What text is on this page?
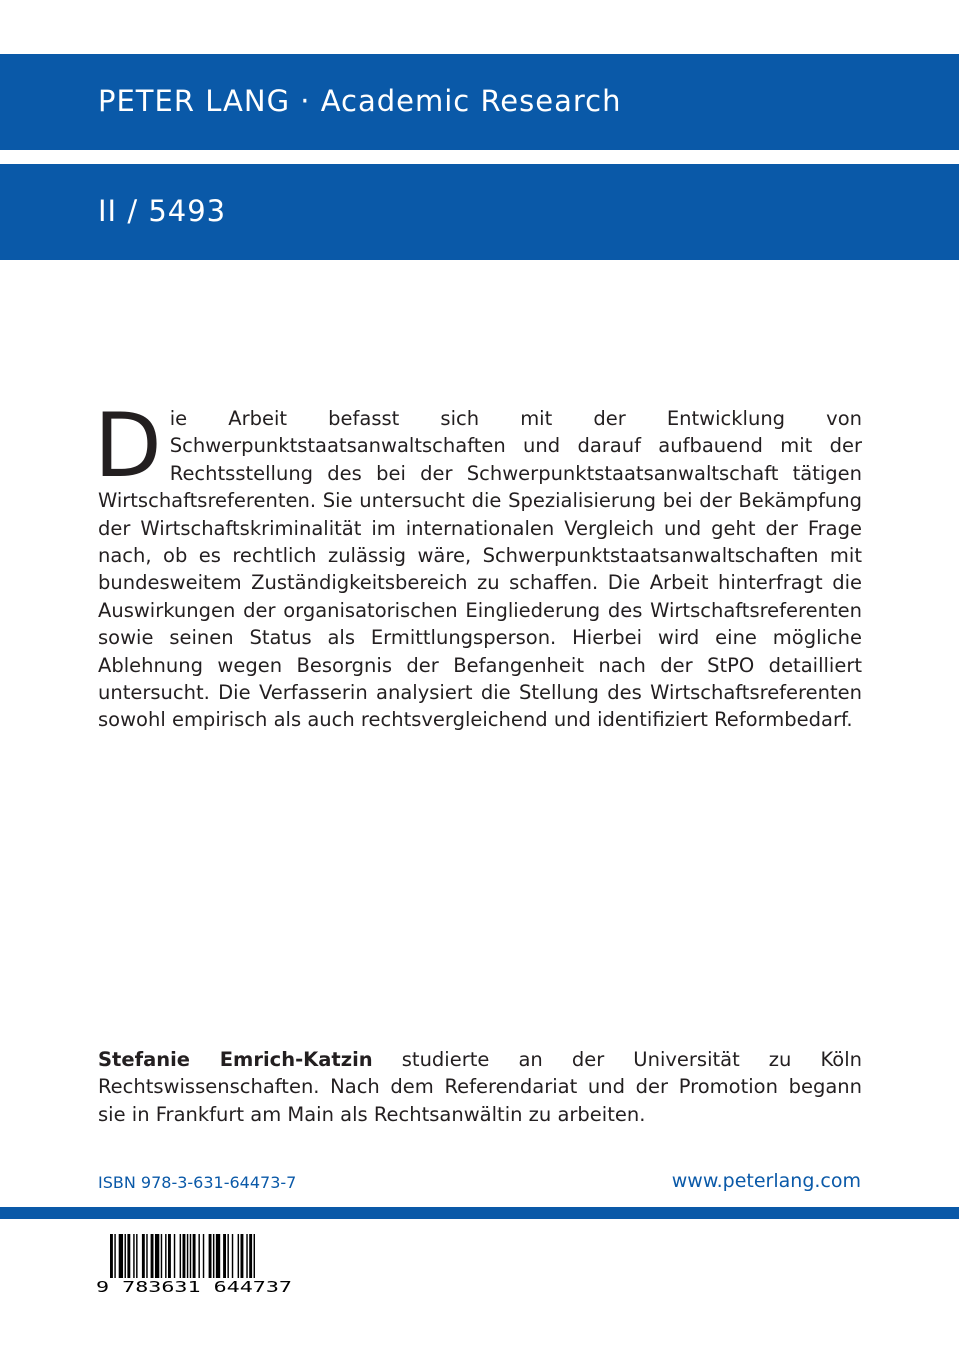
PETER LANG · Academic Research
II / 5493

Die Arbeit befasst sich mit der Entwicklung von Schwerpunktstaatsanwaltschaften und darauf aufbauend mit der Rechtsstellung des bei der Schwerpunktstaatsanwaltschaft tätigen Wirtschaftsreferenten. Sie untersucht die Spezialisierung bei der Bekämpfung der Wirtschaftskriminalität im internationalen Vergleich und geht der Frage nach, ob es rechtlich zulässig wäre, Schwerpunktstaatsanwaltschaften mit bundesweitem Zuständigkeitsbereich zu schaffen. Die Arbeit hinterfragt die Auswirkungen der organisatorischen Eingliederung des Wirtschaftsreferenten sowie seinen Status als Ermittlungsperson. Hierbei wird eine mögliche Ablehnung wegen Besorgnis der Befangenheit nach der StPO detailliert untersucht. Die Verfasserin analysiert die Stellung des Wirtschaftsreferenten sowohl empirisch als auch rechtsvergleichend und identifiziert Reformbedarf.

Stefanie Emrich-Katzin studierte an der Universität zu Köln Rechtswissenschaften. Nach dem Referendariat und der Promotion begann sie in Frankfurt am Main als Rechtsanwältin zu arbeiten.

ISBN 978-3-631-64473-7	www.peterlang.com
9 783631 644737
